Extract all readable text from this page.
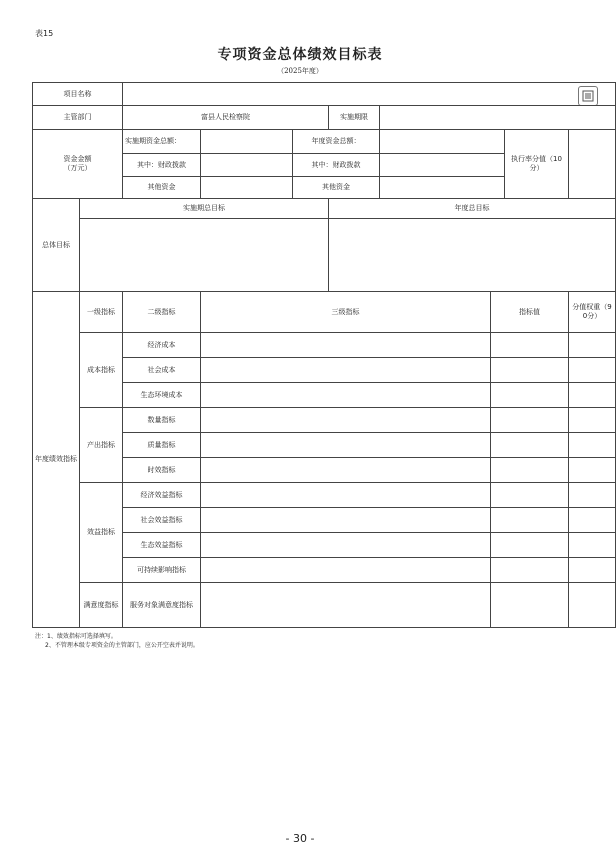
表15
专项资金总体绩效目标表
（2025年度）
项目名称									
主管部门		富县人民检察院			实施期限				
资金金额
（万元）		实施期资金总额：		年度资金总额：				执行率分值（10分）	
		其中：财政拨款		其中：财政拨款					
		其他资金		其他资金					
总体目标	实施期总目标				年度总目标				

年度绩效指标	一级指标	二级指标	三级指标				指标值		分值权重（90分）
	成本指标	经济成本							
		社会成本							
		生态环境成本							
	产出指标	数量指标							
		质量指标							
		时效指标							
	效益指标	经济效益指标							
		社会效益指标							
		生态效益指标							
		可持续影响指标							
	满意度指标	服务对象满意度指标							
注：1、绩效指标可选择填写。
2、不管理本级专项资金的主管部门，应公开空表并说明。
- 30 -
